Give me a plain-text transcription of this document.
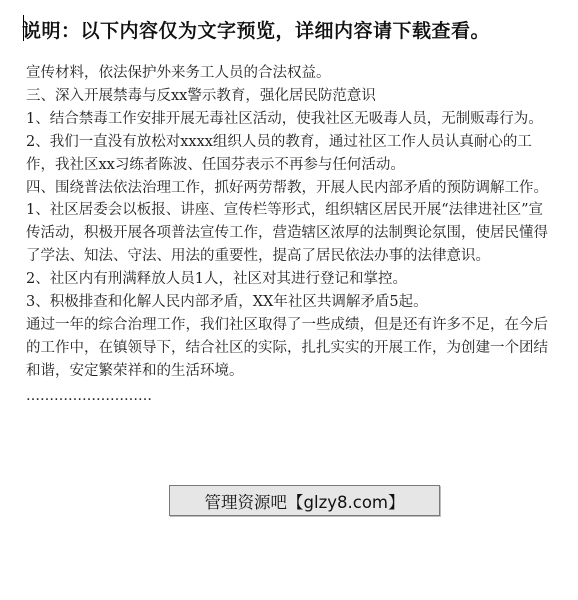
说明：以下内容仅为文字预览，详细内容请下载查看。

宣传材料，依法保护外来务工人员的合法权益。

三、深入开展禁毒与反xx警示教育，强化居民防范意识

1、结合禁毒工作安排开展无毒社区活动，使我社区无吸毒人员，无制贩毒行为。

2、我们一直没有放松对xxxx组织人员的教育，通过社区工作人员认真耐心的工作，我社区xx习练者陈波、任国芬表示不再参与任何活动。

四、围绕普法依法治理工作，抓好两劳帮教，开展人民内部矛盾的预防调解工作。

1、社区居委会以板报、讲座、宣传栏等形式，组织辖区居民开展“法律进社区”宣传活动，积极开展各项普法宣传工作，营造辖区浓厚的法制舆论氛围，使居民懂得了学法、知法、守法、用法的重要性，提高了居民依法办事的法律意识。

2、社区内有刑满释放人员1人，社区对其进行登记和掌控。

3、积极排查和化解人民内部矛盾，XX年社区共调解矛盾5起。

通过一年的综合治理工作，我们社区取得了一些成绩，但是还有许多不足，在今后的工作中，在镇领导下，结合社区的实际，扎扎实实的开展工作，为创建一个团结和谐，安定繁荣祥和的生活环境。

………………………
管理资源吧【glzy8.com】
